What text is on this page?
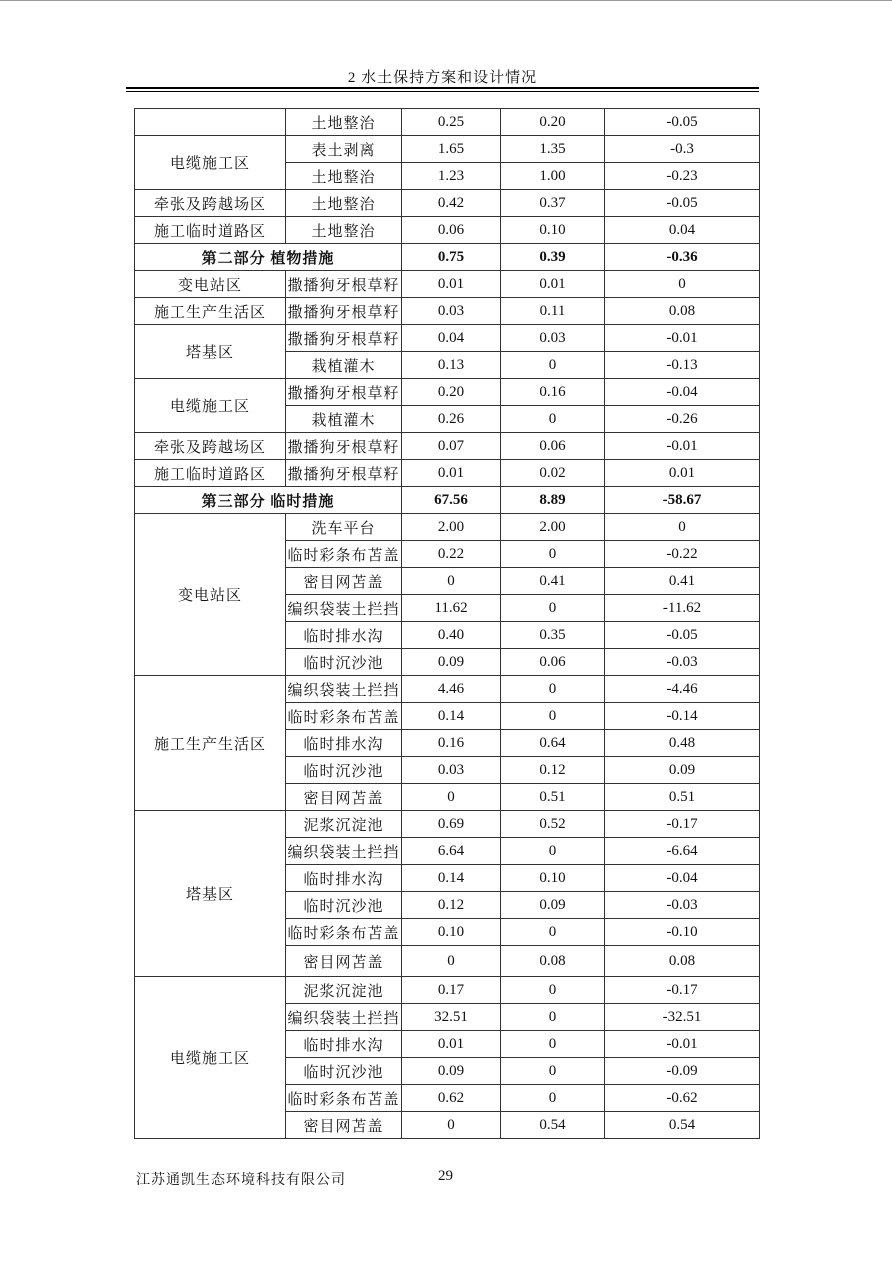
2 水土保持方案和设计情况
	土地整治	0.25	0.20	-0.05
电缆施工区	表土剥离	1.65	1.35	-0.3
	土地整治	1.23	1.00	-0.23
牵张及跨越场区	土地整治	0.42	0.37	-0.05
施工临时道路区	土地整治	0.06	0.10	0.04
第二部分 植物措施		0.75	0.39	-0.36
变电站区	撒播狗牙根草籽	0.01	0.01	0
施工生产生活区	撒播狗牙根草籽	0.03	0.11	0.08
塔基区	撒播狗牙根草籽	0.04	0.03	-0.01
	栽植灌木	0.13	0	-0.13
电缆施工区	撒播狗牙根草籽	0.20	0.16	-0.04
	栽植灌木	0.26	0	-0.26
牵张及跨越场区	撒播狗牙根草籽	0.07	0.06	-0.01
施工临时道路区	撒播狗牙根草籽	0.01	0.02	0.01
第三部分 临时措施		67.56	8.89	-58.67
变电站区	洗车平台	2.00	2.00	0
	临时彩条布苫盖	0.22	0	-0.22
	密目网苫盖	0	0.41	0.41
	编织袋装土拦挡	11.62	0	-11.62
	临时排水沟	0.40	0.35	-0.05
	临时沉沙池	0.09	0.06	-0.03
施工生产生活区	编织袋装土拦挡	4.46	0	-4.46
	临时彩条布苫盖	0.14	0	-0.14
	临时排水沟	0.16	0.64	0.48
	临时沉沙池	0.03	0.12	0.09
	密目网苫盖	0	0.51	0.51
塔基区	泥浆沉淀池	0.69	0.52	-0.17
	编织袋装土拦挡	6.64	0	-6.64
	临时排水沟	0.14	0.10	-0.04
	临时沉沙池	0.12	0.09	-0.03
	临时彩条布苫盖	0.10	0	-0.10
	密目网苫盖	0	0.08	0.08
电缆施工区	泥浆沉淀池	0.17	0	-0.17
	编织袋装土拦挡	32.51	0	-32.51
	临时排水沟	0.01	0	-0.01
	临时沉沙池	0.09	0	-0.09
	临时彩条布苫盖	0.62	0	-0.62
	密目网苫盖	0	0.54	0.54
江苏通凯生态环境科技有限公司	29
